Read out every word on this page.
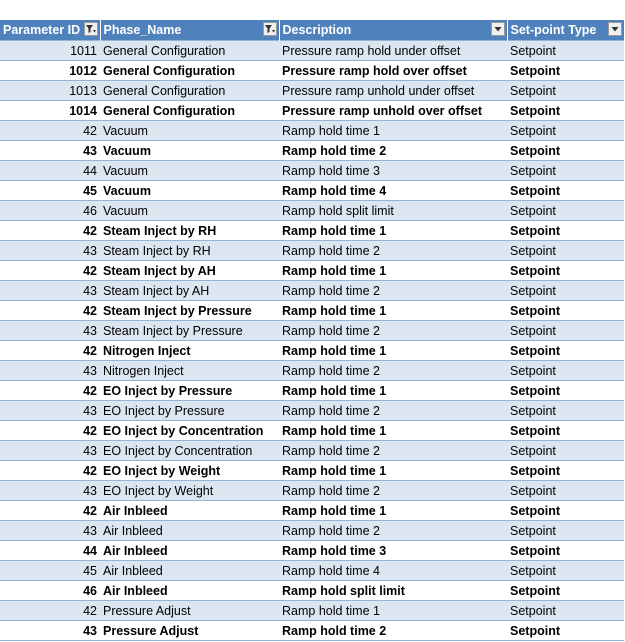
Parameter ID	Phase_Name	Description	Set-point Type

1011	General Configuration	Pressure ramp hold under offset	Setpoint
1012	General Configuration	Pressure ramp hold over offset	Setpoint
1013	General Configuration	Pressure ramp unhold under offset	Setpoint
1014	General Configuration	Pressure ramp unhold over offset	Setpoint
42	Vacuum	Ramp hold time 1	Setpoint
43	Vacuum	Ramp hold time 2	Setpoint
44	Vacuum	Ramp hold time 3	Setpoint
45	Vacuum	Ramp hold time 4	Setpoint
46	Vacuum	Ramp hold split limit	Setpoint
42	Steam Inject by RH	Ramp hold time 1	Setpoint
43	Steam Inject by RH	Ramp hold time 2	Setpoint
42	Steam Inject by AH	Ramp hold time 1	Setpoint
43	Steam Inject by AH	Ramp hold time 2	Setpoint
42	Steam Inject by Pressure	Ramp hold time 1	Setpoint
43	Steam Inject by Pressure	Ramp hold time 2	Setpoint
42	Nitrogen Inject	Ramp hold time 1	Setpoint
43	Nitrogen Inject	Ramp hold time 2	Setpoint
42	EO Inject by Pressure	Ramp hold time 1	Setpoint
43	EO Inject by Pressure	Ramp hold time 2	Setpoint
42	EO Inject by Concentration	Ramp hold time 1	Setpoint
43	EO Inject by Concentration	Ramp hold time 2	Setpoint
42	EO Inject by Weight	Ramp hold time 1	Setpoint
43	EO Inject by Weight	Ramp hold time 2	Setpoint
42	Air Inbleed	Ramp hold time 1	Setpoint
43	Air Inbleed	Ramp hold time 2	Setpoint
44	Air Inbleed	Ramp hold time 3	Setpoint
45	Air Inbleed	Ramp hold time 4	Setpoint
46	Air Inbleed	Ramp hold split limit	Setpoint
42	Pressure Adjust	Ramp hold time 1	Setpoint
43	Pressure Adjust	Ramp hold time 2	Setpoint
